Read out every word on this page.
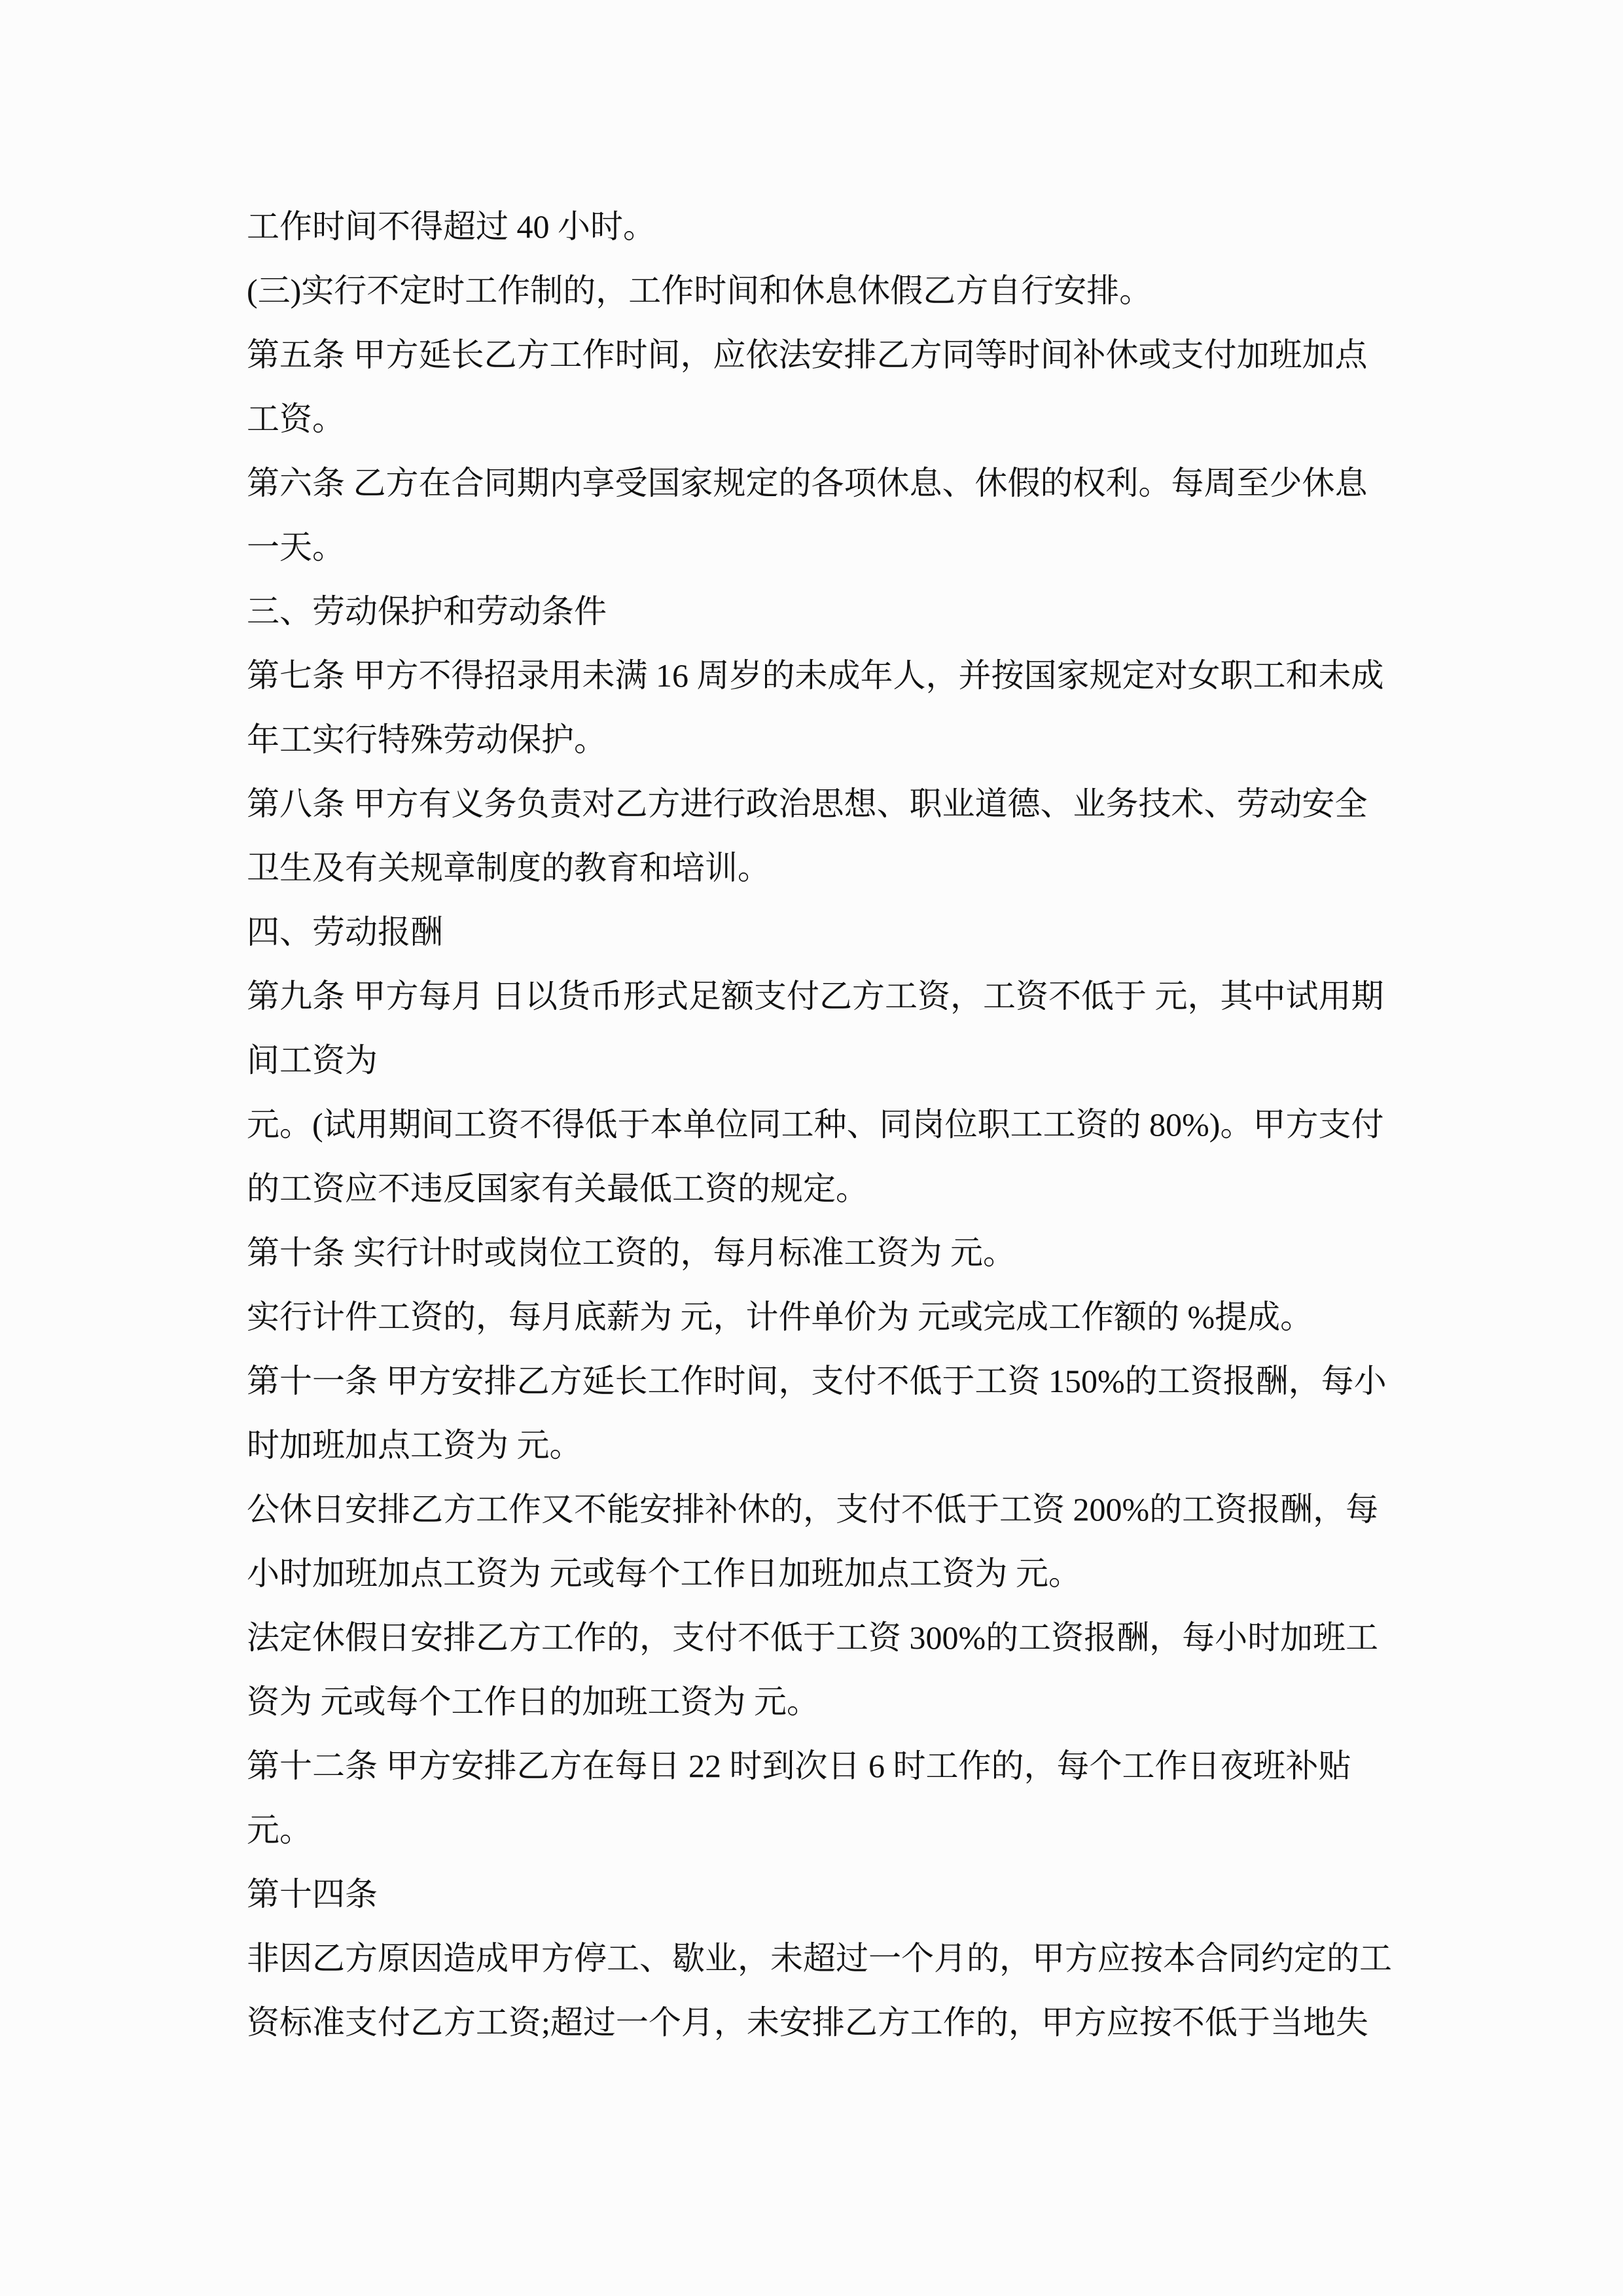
工作时间不得超过 40 小时。
(三)实行不定时工作制的，工作时间和休息休假乙方自行安排。
第五条 甲方延长乙方工作时间，应依法安排乙方同等时间补休或支付加班加点
工资。
第六条 乙方在合同期内享受国家规定的各项休息、休假的权利。每周至少休息
一天。
三、劳动保护和劳动条件
第七条 甲方不得招录用未满 16 周岁的未成年人，并按国家规定对女职工和未成
年工实行特殊劳动保护。
第八条 甲方有义务负责对乙方进行政治思想、职业道德、业务技术、劳动安全
卫生及有关规章制度的教育和培训。
四、劳动报酬
第九条 甲方每月 日以货币形式足额支付乙方工资，工资不低于 元，其中试用期
间工资为
元。(试用期间工资不得低于本单位同工种、同岗位职工工资的 80%)。甲方支付
的工资应不违反国家有关最低工资的规定。
第十条 实行计时或岗位工资的，每月标准工资为 元。
实行计件工资的，每月底薪为 元，计件单价为 元或完成工作额的 %提成。
第十一条 甲方安排乙方延长工作时间，支付不低于工资 150%的工资报酬，每小
时加班加点工资为 元。
公休日安排乙方工作又不能安排补休的，支付不低于工资 200%的工资报酬，每
小时加班加点工资为 元或每个工作日加班加点工资为 元。
法定休假日安排乙方工作的，支付不低于工资 300%的工资报酬，每小时加班工
资为 元或每个工作日的加班工资为 元。
第十二条 甲方安排乙方在每日 22 时到次日 6 时工作的，每个工作日夜班补贴
元。
第十四条
非因乙方原因造成甲方停工、歇业，未超过一个月的，甲方应按本合同约定的工
资标准支付乙方工资;超过一个月，未安排乙方工作的，甲方应按不低于当地失
